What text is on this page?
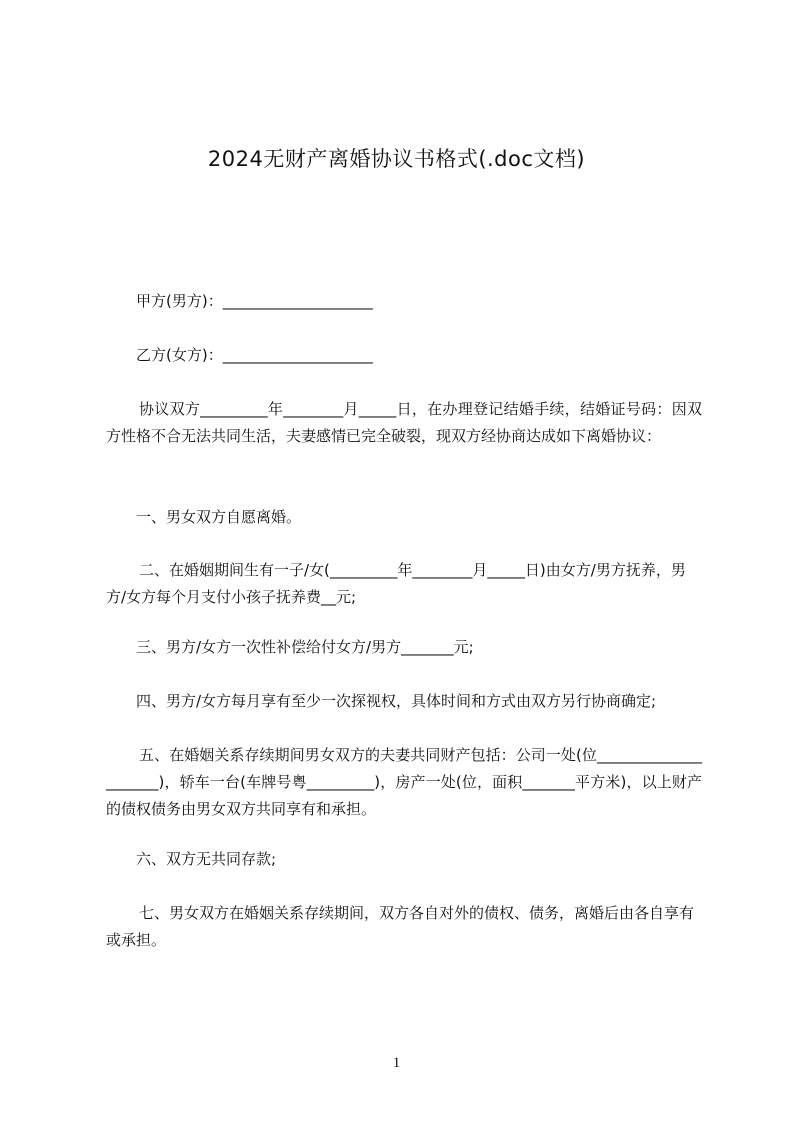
2024无财产离婚协议书格式(.doc文档)
甲方(男方)：____________________
乙方(女方)：____________________
协议双方_________年________月_____日，在办理登记结婚手续，结婚证号码：因双方性格不合无法共同生活，夫妻感情已完全破裂，现双方经协商达成如下离婚协议：
一、男女双方自愿离婚。
二、在婚姻期间生有一子/女(_________年________月_____日)由女方/男方抚养，男方/女方每个月支付小孩子抚养费__元;
三、男方/女方一次性补偿给付女方/男方_______元;
四、男方/女方每月享有至少一次探视权，具体时间和方式由双方另行协商确定;
五、在婚姻关系存续期间男女双方的夫妻共同财产包括：公司一处(位_____________________)，轿车一台(车牌号粤_________)，房产一处(位，面积_______平方米)，以上财产的债权债务由男女双方共同享有和承担。
六、双方无共同存款;
七、男女双方在婚姻关系存续期间，双方各自对外的债权、债务，离婚后由各自享有或承担。
1
